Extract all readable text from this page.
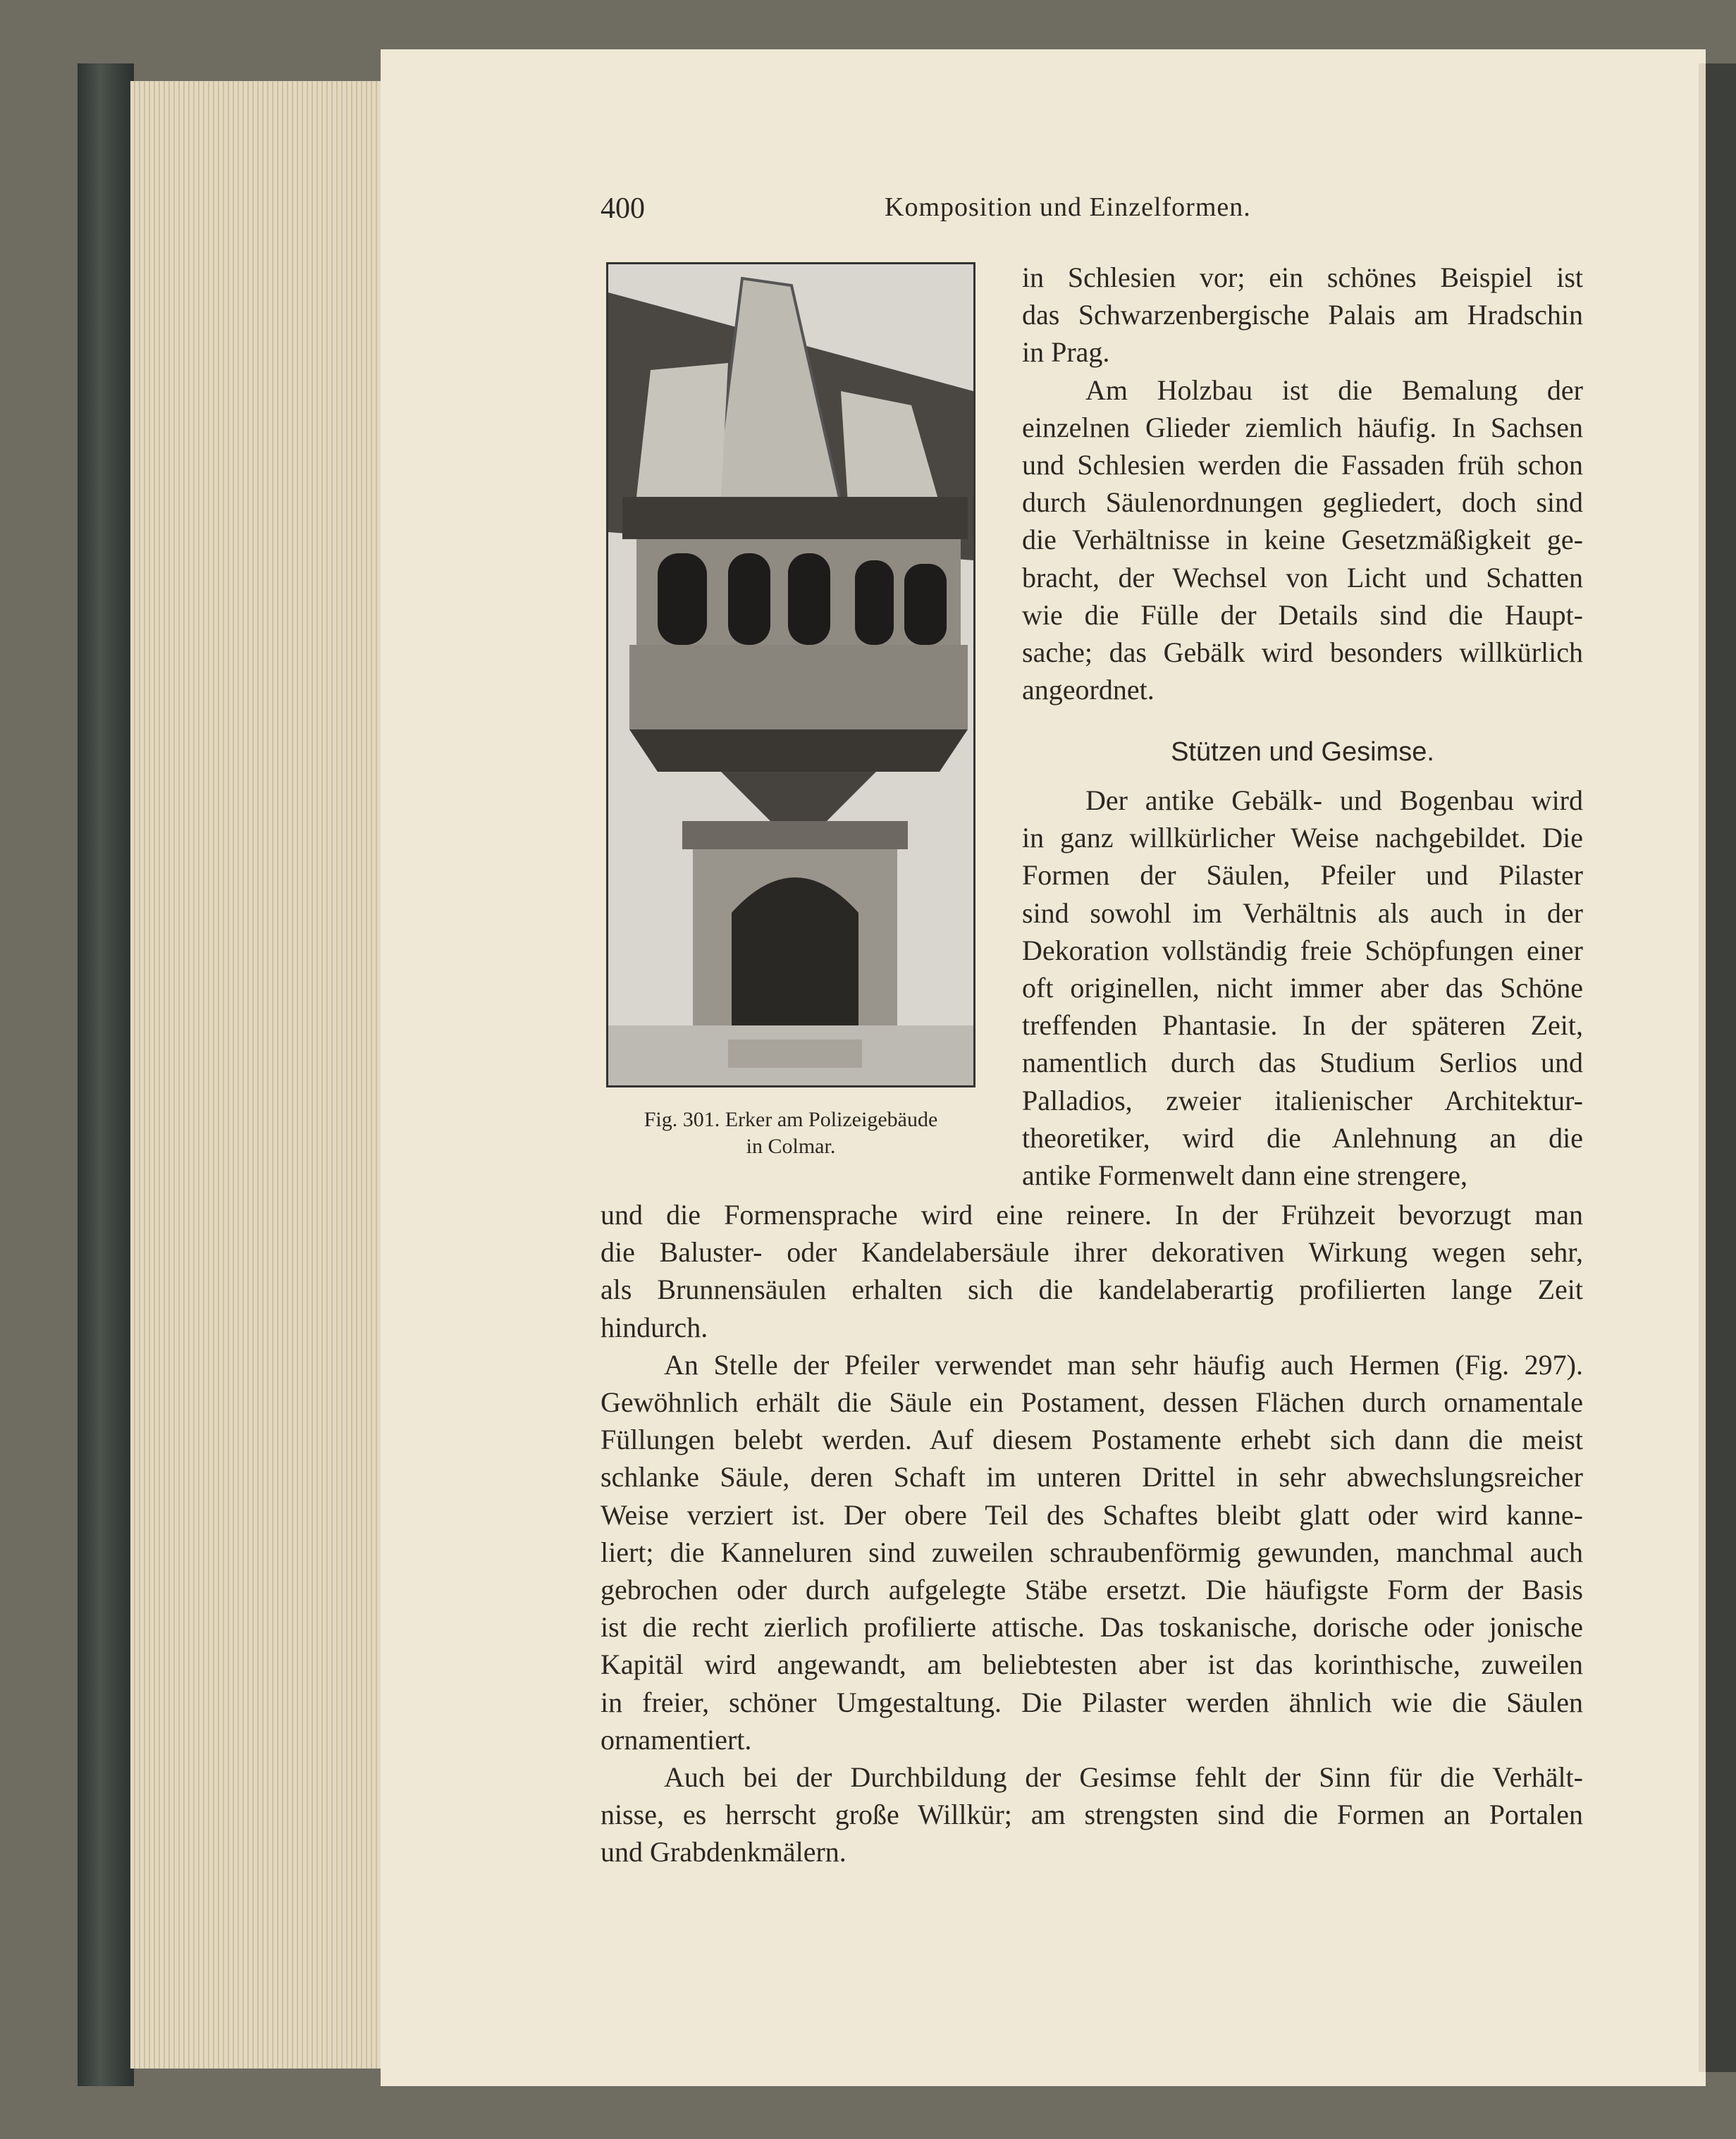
400	Komposition und Einzelformen.
Fig. 301. Erker am Polizeigebäude
in Colmar.
Stützen und Gesimse.
in Schlesien vor; ein schönes Beispiel ist
das Schwarzenbergische Palais am Hradschin
in Prag.
Am Holzbau ist die Bemalung der
einzelnen Glieder ziemlich häufig. In Sachsen
und Schlesien werden die Fassaden früh schon
durch Säulenordnungen gegliedert, doch sind
die Verhältnisse in keine Gesetzmäßigkeit ge-
bracht, der Wechsel von Licht und Schatten
wie die Fülle der Details sind die Haupt-
sache; das Gebälk wird besonders willkürlich
angeordnet.
Der antike Gebälk- und Bogenbau wird
in ganz willkürlicher Weise nachgebildet. Die
Formen der Säulen, Pfeiler und Pilaster
sind sowohl im Verhältnis als auch in der
Dekoration vollständig freie Schöpfungen einer
oft originellen, nicht immer aber das Schöne
treffenden Phantasie. In der späteren Zeit,
namentlich durch das Studium Serlios und
Palladios, zweier italienischer Architektur-
theoretiker, wird die Anlehnung an die
antike Formenwelt dann eine strengere,
und die Formensprache wird eine reinere. In der Frühzeit bevorzugt man
die Baluster- oder Kandelabersäule ihrer dekorativen Wirkung wegen sehr,
als Brunnensäulen erhalten sich die kandelaberartig profilierten lange Zeit
hindurch.
An Stelle der Pfeiler verwendet man sehr häufig auch Hermen (Fig. 297).
Gewöhnlich erhält die Säule ein Postament, dessen Flächen durch ornamentale
Füllungen belebt werden. Auf diesem Postamente erhebt sich dann die meist
schlanke Säule, deren Schaft im unteren Drittel in sehr abwechslungsreicher
Weise verziert ist. Der obere Teil des Schaftes bleibt glatt oder wird kanne-
liert; die Kanneluren sind zuweilen schraubenförmig gewunden, manchmal auch
gebrochen oder durch aufgelegte Stäbe ersetzt. Die häufigste Form der Basis
ist die recht zierlich profilierte attische. Das toskanische, dorische oder jonische
Kapitäl wird angewandt, am beliebtesten aber ist das korinthische, zuweilen
in freier, schöner Umgestaltung. Die Pilaster werden ähnlich wie die Säulen
ornamentiert.
Auch bei der Durchbildung der Gesimse fehlt der Sinn für die Verhält-
nisse, es herrscht große Willkür; am strengsten sind die Formen an Portalen
und Grabdenkmälern.
